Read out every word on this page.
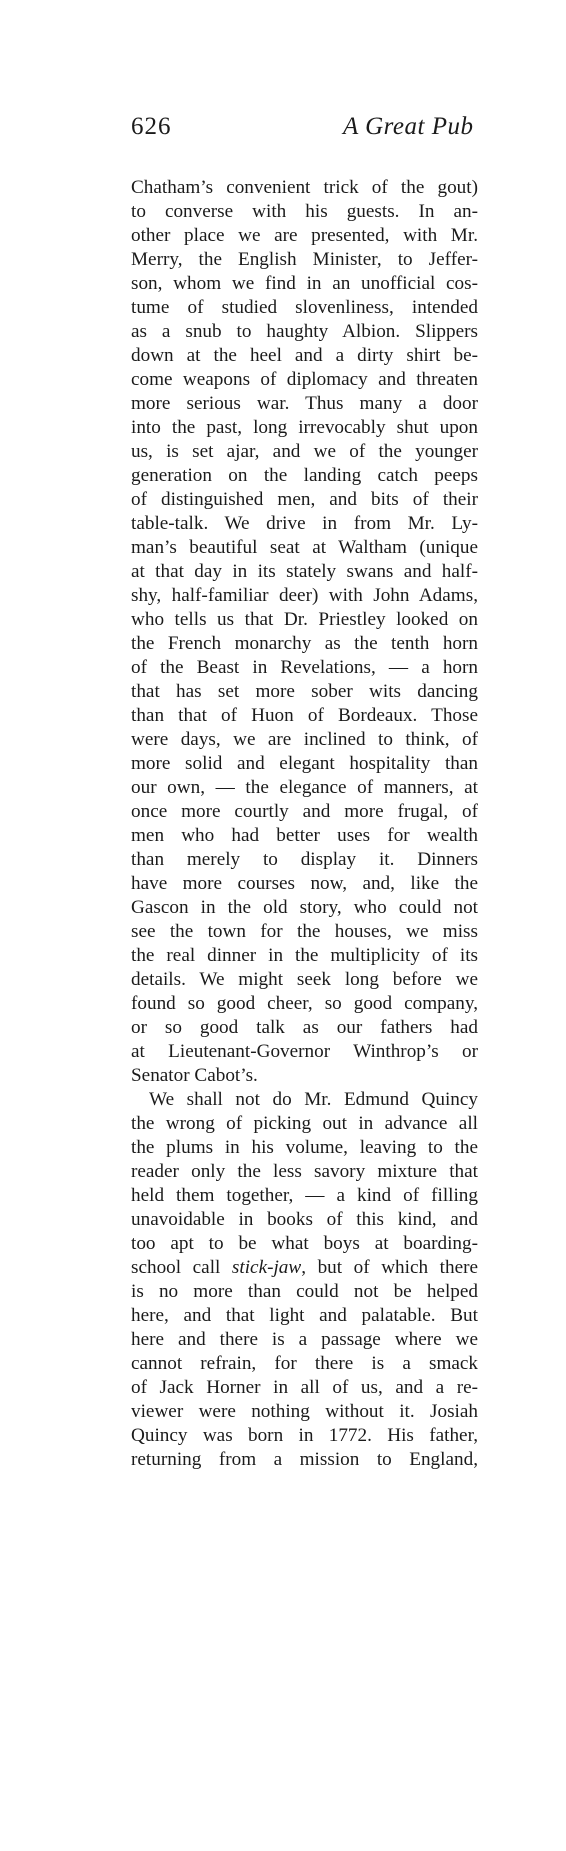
626	A Great Pub
Chatham’s convenient trick of the gout)
to converse with his guests. In an-
other place we are presented, with Mr.
Merry, the English Minister, to Jeffer-
son, whom we find in an unofficial cos-
tume of studied slovenliness, intended
as a snub to haughty Albion. Slippers
down at the heel and a dirty shirt be-
come weapons of diplomacy and threaten
more serious war. Thus many a door
into the past, long irrevocably shut upon
us, is set ajar, and we of the younger
generation on the landing catch peeps
of distinguished men, and bits of their
table-talk. We drive in from Mr. Ly-
man’s beautiful seat at Waltham (unique
at that day in its stately swans and half-
shy, half-familiar deer) with John Adams,
who tells us that Dr. Priestley looked on
the French monarchy as the tenth horn
of the Beast in Revelations, — a horn
that has set more sober wits dancing
than that of Huon of Bordeaux. Those
were days, we are inclined to think, of
more solid and elegant hospitality than
our own, — the elegance of manners, at
once more courtly and more frugal, of
men who had better uses for wealth
than merely to display it. Dinners
have more courses now, and, like the
Gascon in the old story, who could not
see the town for the houses, we miss
the real dinner in the multiplicity of its
details. We might seek long before we
found so good cheer, so good company,
or so good talk as our fathers had
at Lieutenant-Governor Winthrop’s or
Senator Cabot’s.
We shall not do Mr. Edmund Quincy
the wrong of picking out in advance all
the plums in his volume, leaving to the
reader only the less savory mixture that
held them together, — a kind of filling
unavoidable in books of this kind, and
too apt to be what boys at boarding-
school call stick-jaw, but of which there
is no more than could not be helped
here, and that light and palatable. But
here and there is a passage where we
cannot refrain, for there is a smack
of Jack Horner in all of us, and a re-
viewer were nothing without it. Josiah
Quincy was born in 1772. His father,
returning from a mission to England,
